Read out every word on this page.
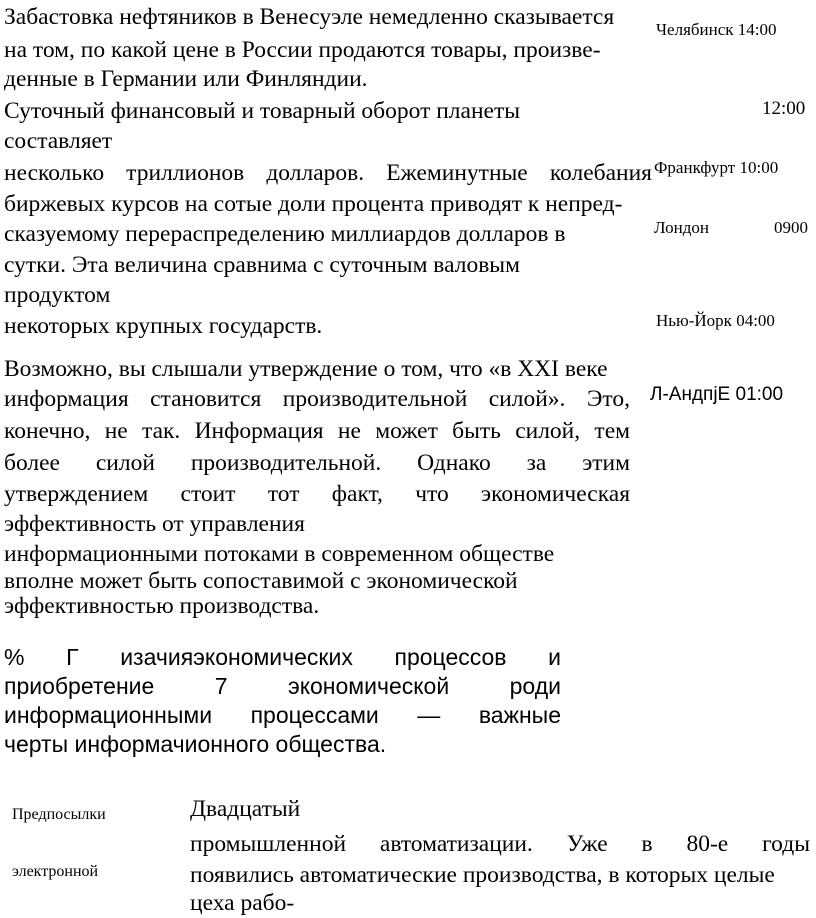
Забастовка нефтяников в Венесуэле немедленно сказывается
на том, по какой цене в России продаются товары, произве-
денные в Германии или Финляндии.
Суточный финансовый и товарный оборот планеты
составляет
несколько триллионов долларов. Ежеминутные колебания
биржевых курсов на сотые доли процента приводят к непред-
сказуемому перераспределению миллиардов долларов в
сутки. Эта величина сравнима с суточным валовым
продуктом
некоторых крупных государств.
Челябинск 14:00
12:00
Франкфурт 10:00
Лондон	0900
Нью-Йорк 04:00
Л-АндпjЕ 01:00
Возможно, вы слышали утверждение о том, что «в XXI веке
информация становится производительной силой». Это,
конечно, не так. Информация не может быть силой, тем
более силой производительной. Однако за этим
утверждением стоит тот факт, что экономическая
эффективность от управления
информационными потоками в современном обществе
вполне может быть сопоставимой с экономической
эффективностью производства.
% Г изачияэкономических процессов и
приобретение 7 экономической роди
информационными процессами — важные
черты информачионного общества.
Предпосылки
электронной
Двадцатый
промышленной автоматизации. Уже в 80-е годы
появились автоматические производства, в которых целые
цеха рабо-
